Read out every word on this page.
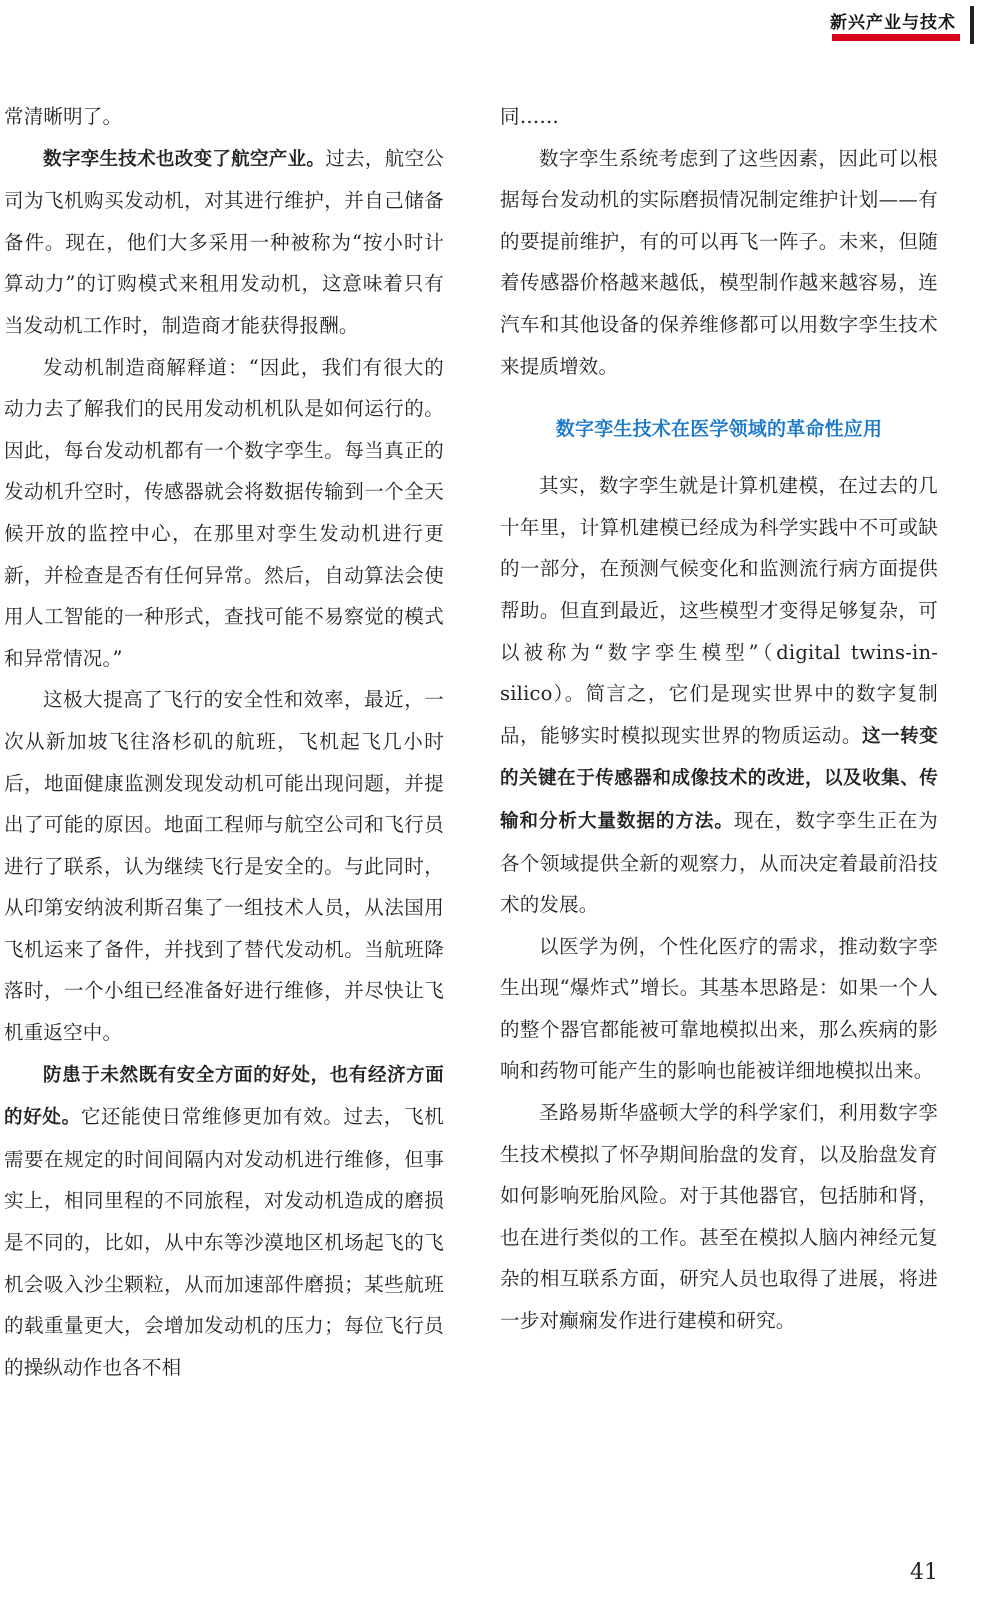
新兴产业与技术

常清晰明了。

数字孪生技术也改变了航空产业。过去，航空公司为飞机购买发动机，对其进行维护，并自己储备备件。现在，他们大多采用一种被称为“按小时计算动力”的订购模式来租用发动机，这意味着只有当发动机工作时，制造商才能获得报酬。

发动机制造商解释道：“因此，我们有很大的动力去了解我们的民用发动机机队是如何运行的。因此，每台发动机都有一个数字孪生。每当真正的发动机升空时，传感器就会将数据传输到一个全天候开放的监控中心，在那里对孪生发动机进行更新，并检查是否有任何异常。然后，自动算法会使用人工智能的一种形式，查找可能不易察觉的模式和异常情况。”

这极大提高了飞行的安全性和效率，最近，一次从新加坡飞往洛杉矶的航班，飞机起飞几小时后，地面健康监测发现发动机可能出现问题，并提出了可能的原因。地面工程师与航空公司和飞行员进行了联系，认为继续飞行是安全的。与此同时，从印第安纳波利斯召集了一组技术人员，从法国用飞机运来了备件，并找到了替代发动机。当航班降落时，一个小组已经准备好进行维修，并尽快让飞机重返空中。

防患于未然既有安全方面的好处，也有经济方面的好处。它还能使日常维修更加有效。过去，飞机需要在规定的时间间隔内对发动机进行维修，但事实上，相同里程的不同旅程，对发动机造成的磨损是不同的，比如，从中东等沙漠地区机场起飞的飞机会吸入沙尘颗粒，从而加速部件磨损；某些航班的载重量更大，会增加发动机的压力；每位飞行员的操纵动作也各不相

同……

数字孪生系统考虑到了这些因素，因此可以根据每台发动机的实际磨损情况制定维护计划——有的要提前维护，有的可以再飞一阵子。未来，但随着传感器价格越来越低，模型制作越来越容易，连汽车和其他设备的保养维修都可以用数字孪生技术来提质增效。

数字孪生技术在医学领域的革命性应用

其实，数字孪生就是计算机建模，在过去的几十年里，计算机建模已经成为科学实践中不可或缺的一部分，在预测气候变化和监测流行病方面提供帮助。但直到最近，这些模型才变得足够复杂，可以被称为“数字孪生模型”（digital twins-in-silico）。简言之，它们是现实世界中的数字复制品，能够实时模拟现实世界的物质运动。这一转变的关键在于传感器和成像技术的改进，以及收集、传输和分析大量数据的方法。现在，数字孪生正在为各个领域提供全新的观察力，从而决定着最前沿技术的发展。

以医学为例，个性化医疗的需求，推动数字孪生出现“爆炸式”增长。其基本思路是：如果一个人的整个器官都能被可靠地模拟出来，那么疾病的影响和药物可能产生的影响也能被详细地模拟出来。

圣路易斯华盛顿大学的科学家们，利用数字孪生技术模拟了怀孕期间胎盘的发育，以及胎盘发育如何影响死胎风险。对于其他器官，包括肺和肾，也在进行类似的工作。甚至在模拟人脑内神经元复杂的相互联系方面，研究人员也取得了进展，将进一步对癫痫发作进行建模和研究。

41
